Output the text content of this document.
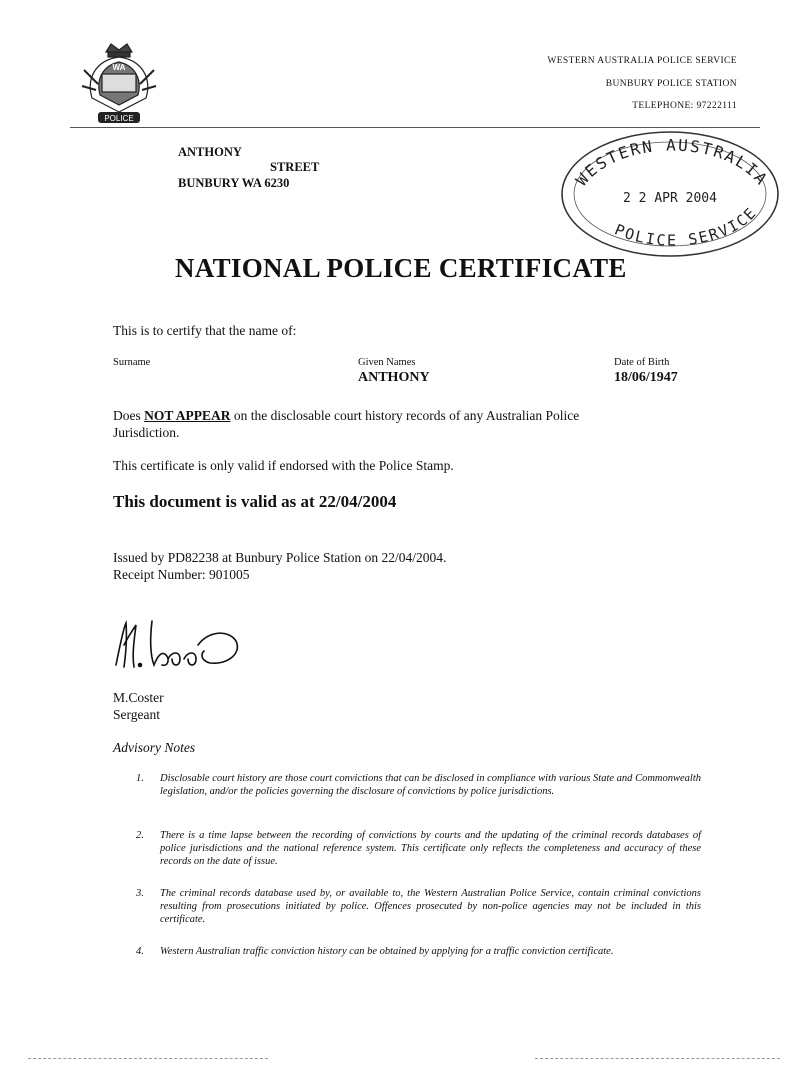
WA
POLICE
WESTERN AUSTRALIA POLICE SERVICE
BUNBURY POLICE STATION
TELEPHONE: 97222111
ANTHONY
STREET
BUNBURY WA 6230	WESTERN AUSTRALIA
2 2 APR 2004
POLICE SERVICE
NATIONAL POLICE CERTIFICATE
This is to certify that the name of:
Surname	Given Names
ANTHONY
Date of Birth
18/06/1947
Does NOT APPEAR on the disclosable court history records of any Australian Police
Jurisdiction.
This certificate is only valid if endorsed with the Police Stamp.
This document is valid as at 22/04/2004
Issued by PD82238 at Bunbury Police Station on 22/04/2004.
Receipt Number: 901005
M.Coster
Sergeant
Advisory Notes
1. Disclosable court history are those court convictions that can be disclosed in compliance with various State and Commonwealth legislation, and/or the policies governing the disclosure of convictions by police jurisdictions.
2. There is a time lapse between the recording of convictions by courts and the updating of the criminal records databases of police jurisdictions and the national reference system. This certificate only reflects the completeness and accuracy of these records on the date of issue.
3. The criminal records database used by, or available to, the Western Australian Police Service, contain criminal convictions resulting from prosecutions initiated by police. Offences prosecuted by non-police agencies may not be included in this certificate.
4. Western Australian traffic conviction history can be obtained by applying for a traffic conviction certificate.
